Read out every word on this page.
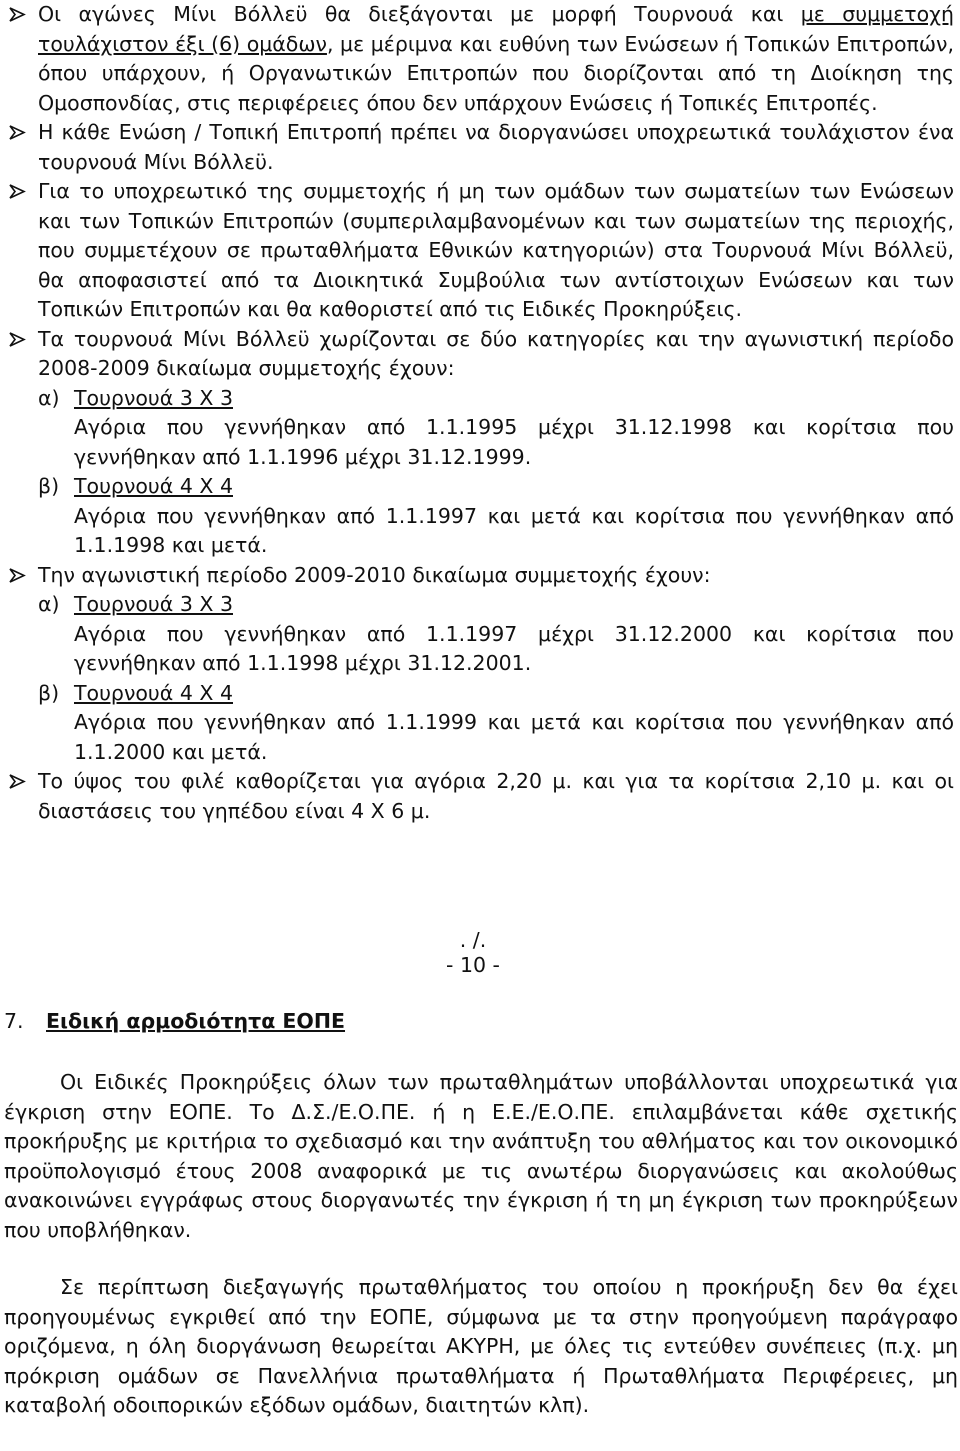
Οι αγώνες Μίνι Βόλλεϋ θα διεξάγονται με μορφή Τουρνουά και με συμμετοχή τουλάχιστον έξι (6) ομάδων, με μέριμνα και ευθύνη των Ενώσεων ή Τοπικών Επιτροπών, όπου υπάρχουν, ή Οργανωτικών Επιτροπών που διορίζονται από τη Διοίκηση της Ομοσπονδίας, στις περιφέρειες όπου δεν υπάρχουν Ενώσεις ή Τοπικές Επιτροπές.
Η κάθε Ενώση / Τοπική Επιτροπή πρέπει να διοργανώσει υποχρεωτικά τουλάχιστον ένα τουρνουά Μίνι Βόλλεϋ.
Για το υποχρεωτικό της συμμετοχής ή μη των ομάδων των σωματείων των Ενώσεων και των Τοπικών Επιτροπών (συμπεριλαμβανομένων και των σωματείων της περιοχής, που συμμετέχουν σε πρωταθλήματα Εθνικών κατηγοριών) στα Τουρνουά Μίνι Βόλλεϋ, θα αποφασιστεί από τα Διοικητικά Συμβούλια των αντίστοιχων Ενώσεων και των Τοπικών Επιτροπών και θα καθοριστεί από τις Ειδικές Προκηρύξεις.
Τα τουρνουά Μίνι Βόλλεϋ χωρίζονται σε δύο κατηγορίες και την αγωνιστική περίοδο 2008-2009 δικαίωμα συμμετοχής έχουν:
α) Τουρνουά 3 Χ 3
Αγόρια που γεννήθηκαν από 1.1.1995 μέχρι 31.12.1998 και κορίτσια που γεννήθηκαν από 1.1.1996 μέχρι 31.12.1999.
β) Τουρνουά 4 Χ 4
Αγόρια που γεννήθηκαν από 1.1.1997 και μετά και κορίτσια που γεννήθηκαν από 1.1.1998 και μετά.
Την αγωνιστική περίοδο 2009-2010 δικαίωμα συμμετοχής έχουν:
α) Τουρνουά 3 Χ 3
Αγόρια που γεννήθηκαν από 1.1.1997 μέχρι 31.12.2000 και κορίτσια που γεννήθηκαν από 1.1.1998 μέχρι 31.12.2001.
β) Τουρνουά 4 Χ 4
Αγόρια που γεννήθηκαν από 1.1.1999 και μετά και κορίτσια που γεννήθηκαν από 1.1.2000 και μετά.
Το ύψος του φιλέ καθορίζεται για αγόρια 2,20 μ. και για τα κορίτσια 2,10 μ. και οι διαστάσεις του γηπέδου είναι 4 Χ 6 μ.
. /.
- 10 -
7. Ειδική αρμοδιότητα ΕΟΠΕ
Οι Ειδικές Προκηρύξεις όλων των πρωταθλημάτων υποβάλλονται υποχρεωτικά για έγκριση στην ΕΟΠΕ. Το Δ.Σ./Ε.Ο.ΠΕ. ή η Ε.Ε./Ε.Ο.ΠΕ. επιλαμβάνεται κάθε σχετικής προκήρυξης με κριτήρια το σχεδιασμό και την ανάπτυξη του αθλήματος και τον οικονομικό προϋπολογισμό έτους 2008 αναφορικά με τις ανωτέρω διοργανώσεις και ακολούθως ανακοινώνει εγγράφως στους διοργανωτές την έγκριση ή τη μη έγκριση των προκηρύξεων που υποβλήθηκαν.
Σε περίπτωση διεξαγωγής πρωταθλήματος του οποίου η προκήρυξη δεν θα έχει προηγουμένως εγκριθεί από την ΕΟΠΕ, σύμφωνα με τα στην προηγούμενη παράγραφο οριζόμενα, η όλη διοργάνωση θεωρείται ΑΚΥΡΗ, με όλες τις εντεύθεν συνέπειες (π.χ. μη πρόκριση ομάδων σε Πανελλήνια πρωταθλήματα ή Πρωταθλήματα Περιφέρειες, μη καταβολή οδοιπορικών εξόδων ομάδων, διαιτητών κλπ).
